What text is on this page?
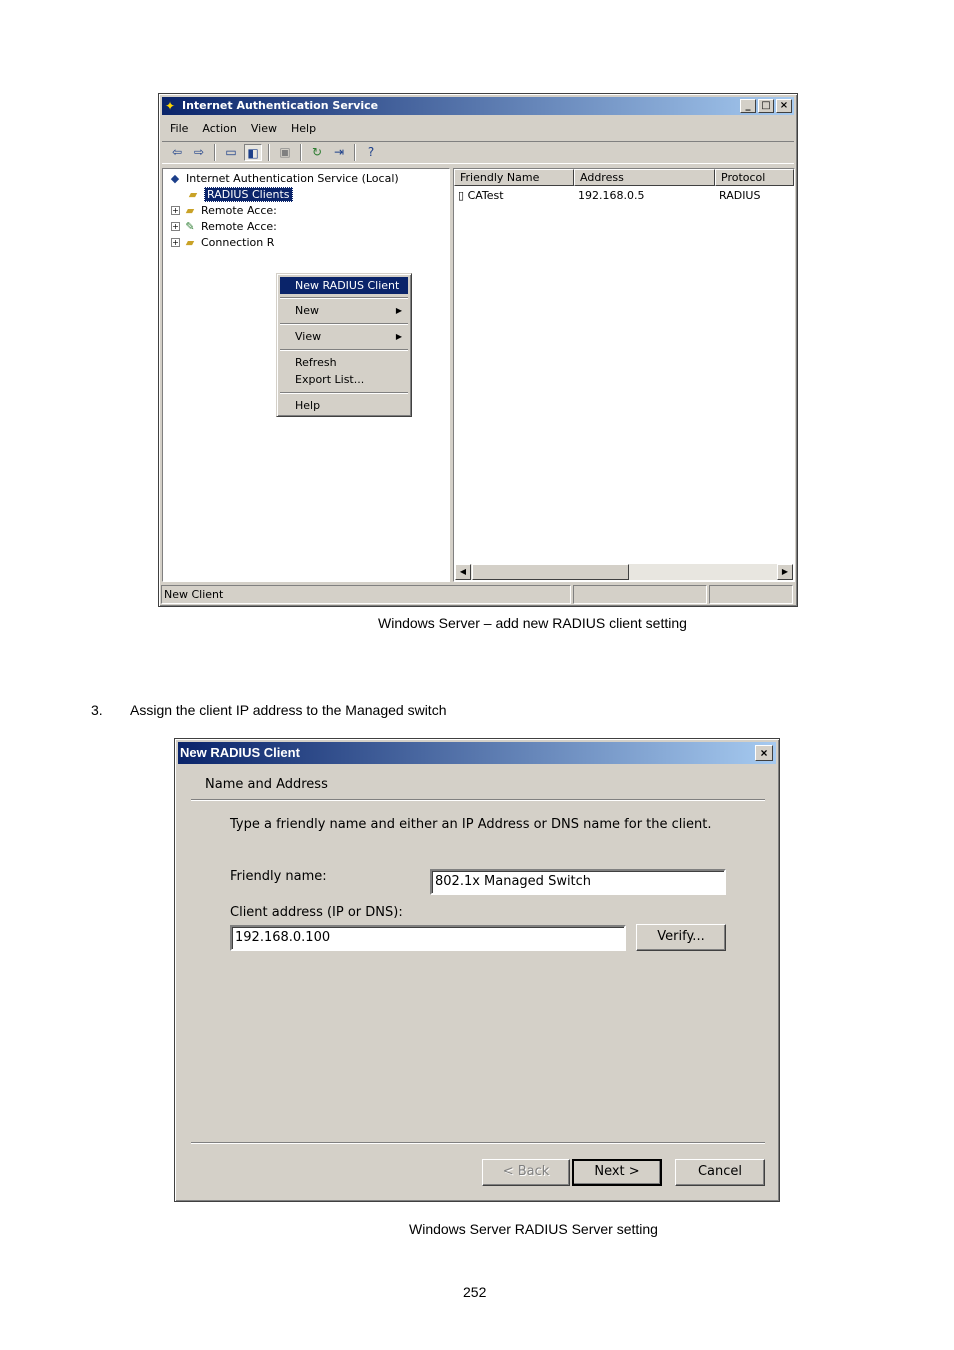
✦ Internet Authentication Service	_	□ ×
File Action View Help
⇦ ⇨	▭ ◧ ▣	↻ ⇥	?
◆ Internet Authentication Service (Local)
▰ RADIUS Clients
+ ▰ Remote Acce:
+ ✎ Remote Acce:
+ ▰ Connection R
New RADIUS Client
New	▶
View	▶
Refresh
Export List...
Help
Friendly Name	Address	Protocol
▯ CATest	192.168.0.5	RADIUS
◀	▶
New Client
Windows Server – add new RADIUS client setting
3. Assign the client IP address to the Managed switch
New RADIUS Client	×
Name and Address
Type a friendly name and either an IP Address or DNS name for the client.
Friendly name:	802.1x Managed Switch
Client address (IP or DNS):
192.168.0.100	Verify...
< Back	Next >	Cancel
Windows Server RADIUS Server setting
252
